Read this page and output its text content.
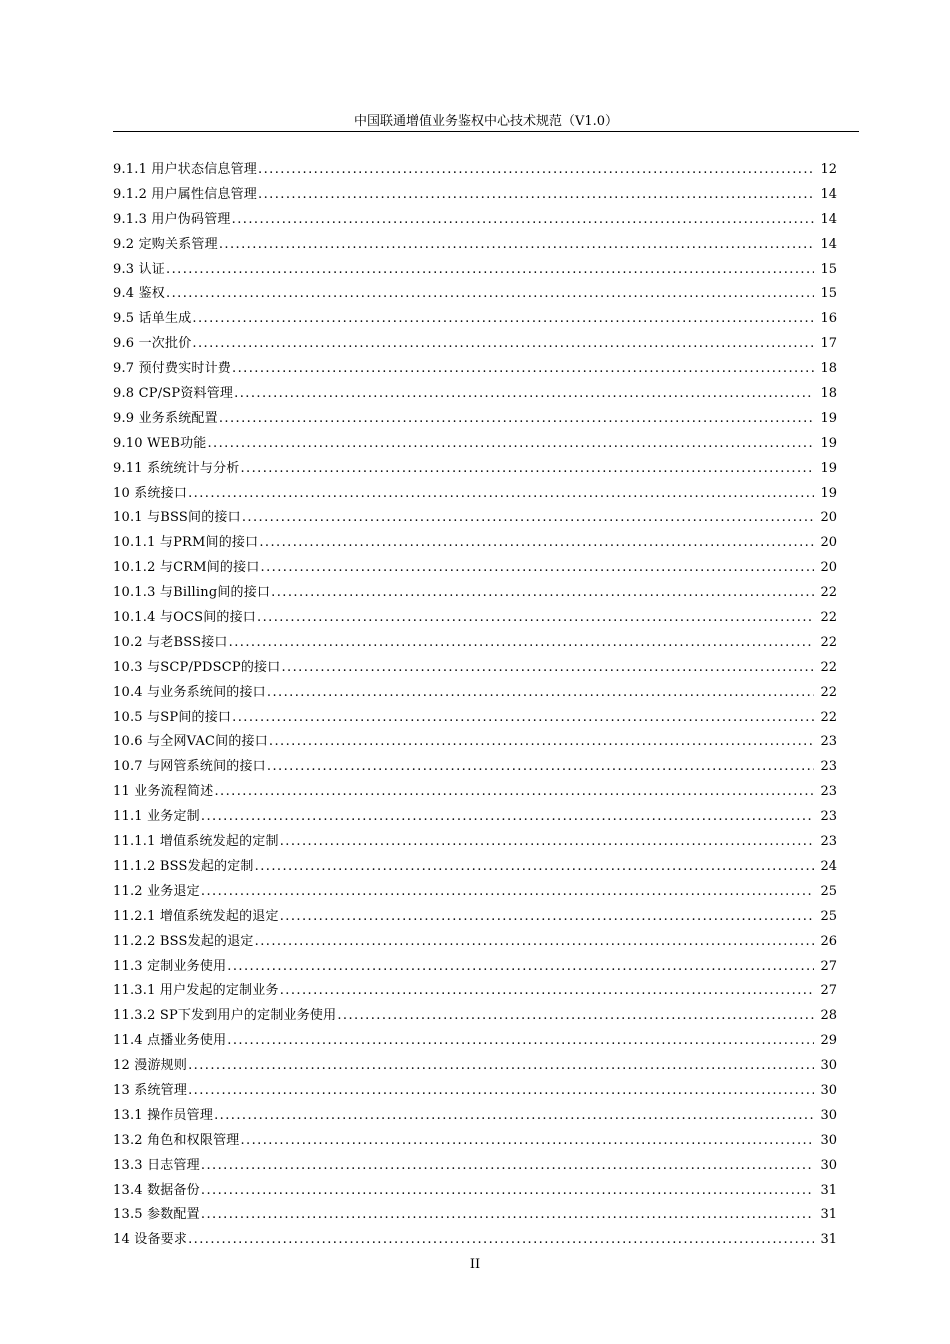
中国联通增值业务鉴权中心技术规范（V1.0）
9.1.1 用户状态信息管理 . . .	12
9.1.2 用户属性信息管理 . . .	14
9.1.3 用户伪码管理 . . .	14
9.2 定购关系管理 . . .	14
9.3 认证 . . .	15
9.4 鉴权 . . .	15
9.5 话单生成 . . .	16
9.6 一次批价 . . .	17
9.7 预付费实时计费 . . .	18
9.8 CP/SP资料管理 . . .	18
9.9 业务系统配置 . . .	19
9.10 WEB功能 . . .	19
9.11 系统统计与分析 . . .	19
10 系统接口 . . .	19
10.1 与BSS间的接口 . . .	20
10.1.1 与PRM间的接口 . . .	20
10.1.2 与CRM间的接口 . . .	20
10.1.3 与Billing间的接口 . . .	22
10.1.4 与OCS间的接口 . . .	22
10.2 与老BSS接口 . . .	22
10.3 与SCP/PDSCP的接口 . . .	22
10.4 与业务系统间的接口 . . .	22
10.5 与SP间的接口 . . .	22
10.6 与全网VAC间的接口 . . .	23
10.7 与网管系统间的接口 . . .	23
11 业务流程简述 . . .	23
11.1 业务定制 . . .	23
11.1.1 增值系统发起的定制 . . .	23
11.1.2 BSS发起的定制 . . .	24
11.2 业务退定 . . .	25
11.2.1 增值系统发起的退定 . . .	25
11.2.2 BSS发起的退定 . . .	26
11.3 定制业务使用 . . .	27
11.3.1 用户发起的定制业务 . . .	27
11.3.2 SP下发到用户的定制业务使用 . . .	28
11.4 点播业务使用 . . .	29
12 漫游规则 . . .	30
13 系统管理 . . .	30
13.1 操作员管理 . . .	30
13.2 角色和权限管理 . . .	30
13.3 日志管理 . . .	30
13.4 数据备份 . . .	31
13.5 参数配置 . . .	31
14 设备要求 . . .	31
II
